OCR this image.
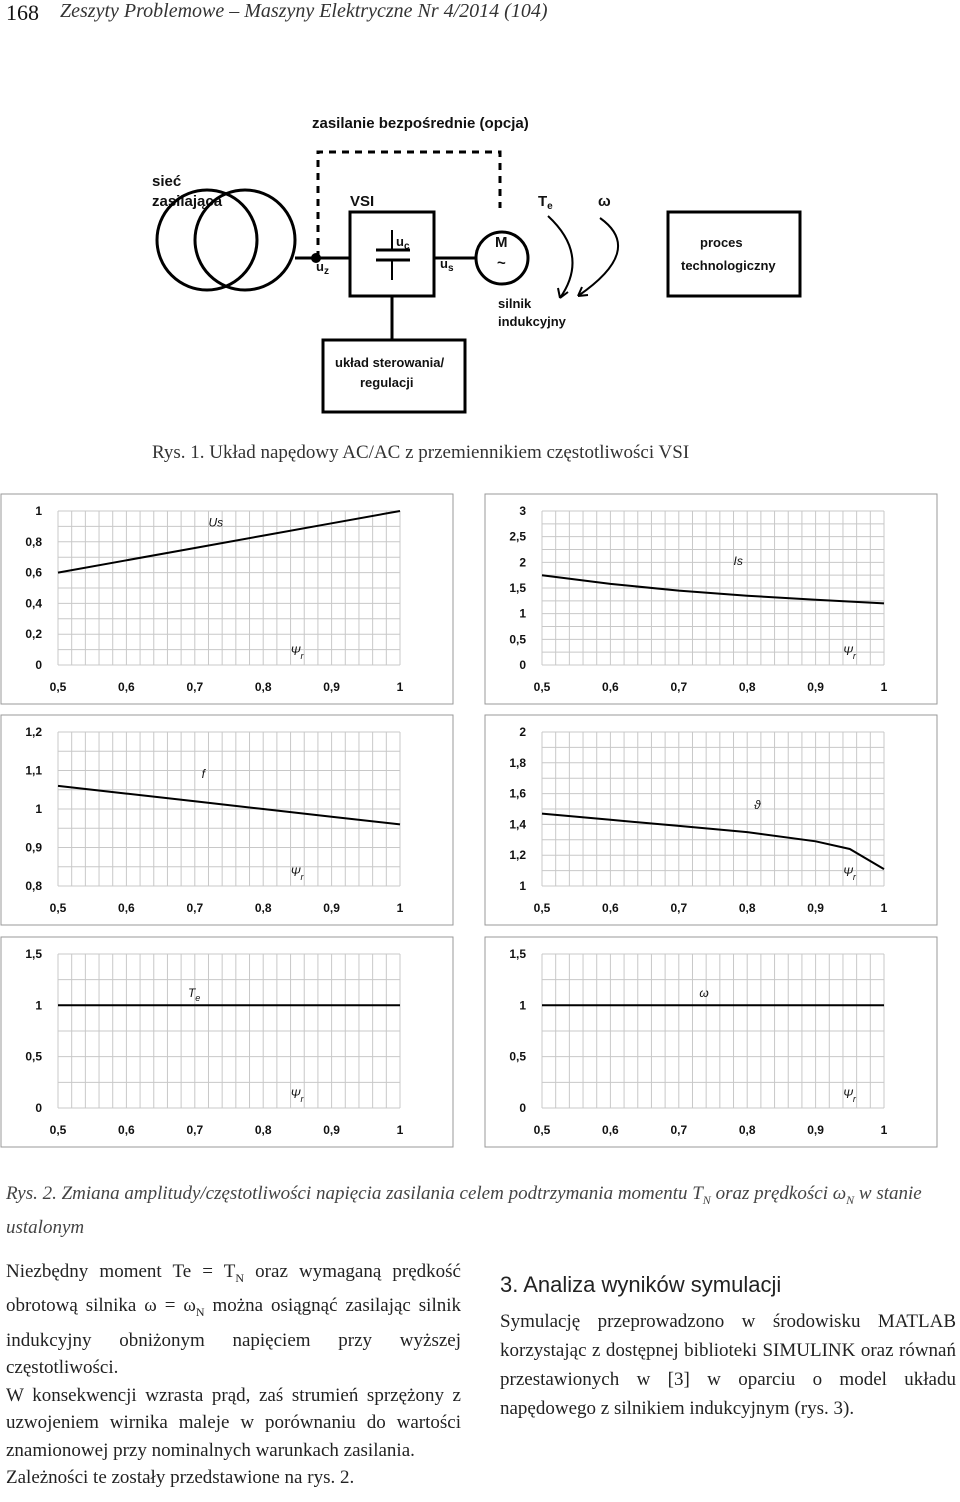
168 Zeszyty Problemowe – Maszyny Elektryczne Nr 4/2014 (104)
zasilanie bezpośrednie (opcja)
sieć
zasilająca
$u_z$
VSI
$u_c$
$u_s$
M
~
silnik
indukcyjny
$T_e$	ω
proces
technologiczny
układ sterowania/
regulacji
Rys. 1. Układ napędowy AC/AC z przemiennikiem częstotliwości VSI
0
0,2
0,4
0,6
0,8
1
0,5	0,6	0,7	0,8	0,9	1
Us
$\Psi_r$
0
0,5
1
1,5
2
2,5
3
0,5	0,6	0,7	0,8	0,9	1
Is
$\Psi_r$
0,8
0,9
1
1,1
1,2
0,5	0,6	0,7	0,8	0,9	1
f
$\Psi_r$
1
1,2
1,4
1,6
1,8
2
0,5	0,6	0,7	0,8	0,9	1
ϑ
$\Psi_r$
0
0,5
1
1,5
0,5	0,6	0,7	0,8	0,9	1
$T_e$
$\Psi_r$
0
0,5
1
1,5
0,5	0,6	0,7	0,8	0,9	1
ω
$\Psi_r$
Rys. 2. Zmiana amplitudy/częstotliwości napięcia zasilania celem podtrzymania momentu $T_N$ oraz prędkości $\omega_N$ w stanie ustalonym

Niezbędny moment $Te = T_N$ oraz wymaganą prędkość obrotową silnika $\omega = \omega_N$ można osiągnąć zasilając silnik indukcyjny obniżonym napięciem przy wyższej częstotliwości.

W konsekwencji wzrasta prąd, zaś strumień sprzężony z uzwojeniem wirnika maleje w porównaniu do wartości znamionowej przy nominalnych warunkach zasilania.

Zależności te zostały przedstawione na rys. 2.

3. Analiza wyników symulacji

Symulację przeprowadzono w środowisku MATLAB korzystając z dostępnej biblioteki SIMULINK oraz równań przestawionych w [3] w oparciu o model układu napędowego z silnikiem indukcyjnym (rys. 3).
